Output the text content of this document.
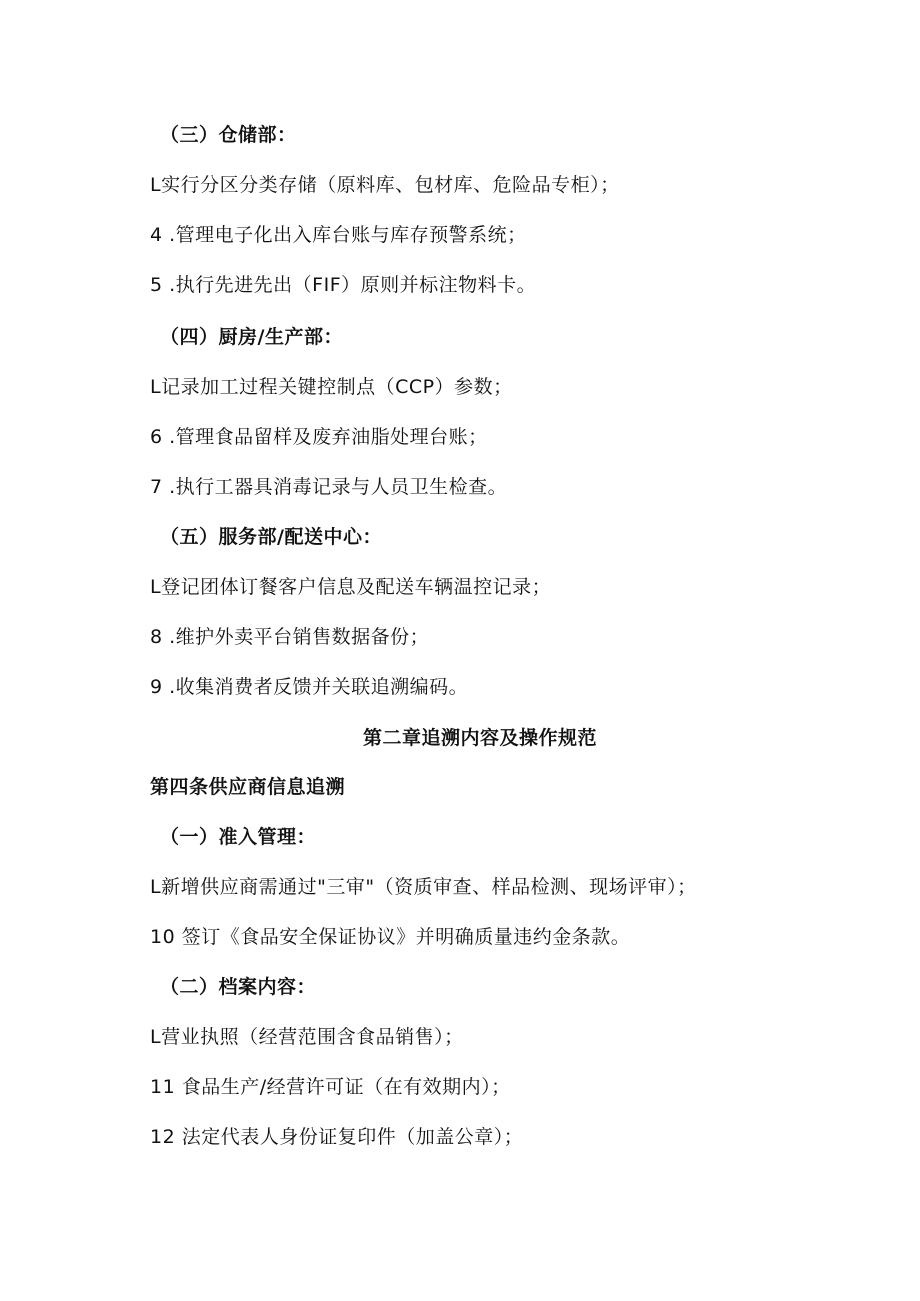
（三）仓储部：
L实行分区分类存储（原料库、包材库、危险品专柜）；
4 .管理电子化出入库台账与库存预警系统；
5 .执行先进先出（FIF）原则并标注物料卡。
（四）厨房/生产部：
L记录加工过程关键控制点（CCP）参数；
6 .管理食品留样及废弃油脂处理台账；
7 .执行工器具消毒记录与人员卫生检查。
（五）服务部/配送中心：
L登记团体订餐客户信息及配送车辆温控记录；
8 .维护外卖平台销售数据备份；
9 .收集消费者反馈并关联追溯编码。
第二章追溯内容及操作规范
第四条供应商信息追溯
（一）准入管理：
L新增供应商需通过"三审"（资质审查、样品检测、现场评审）；
10 签订《食品安全保证协议》并明确质量违约金条款。
（二）档案内容：
L营业执照（经营范围含食品销售）；
11 食品生产/经营许可证（在有效期内）；
12 法定代表人身份证复印件（加盖公章）；
